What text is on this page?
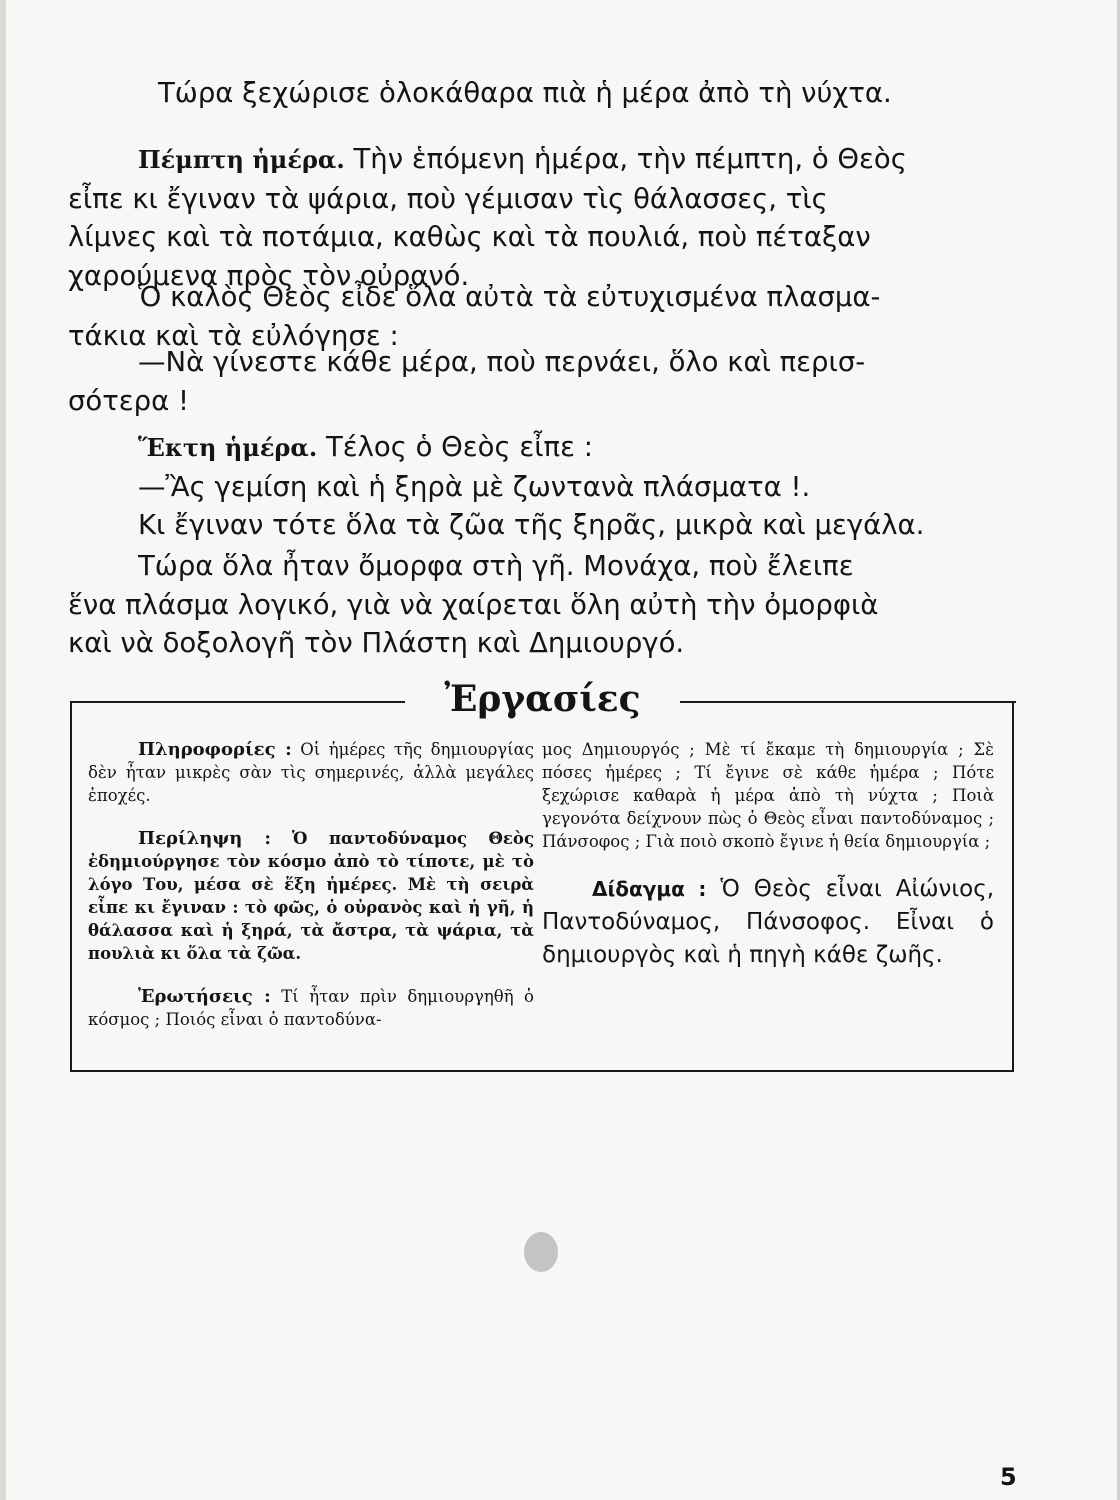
Τώρα ξεχώρισε ὁλοκάθαρα πιὰ ἡ μέρα ἀπὸ τὴ νύχτα.

Πέμπτη ἡμέρα. Τὴν ἑπόμενη ἡμέρα, τὴν πέμπτη, ὁ Θεὸς
εἶπε κι ἔγιναν τὰ ψάρια, ποὺ γέμισαν τὶς θάλασσες, τὶς
λίμνες καὶ τὰ ποτάμια, καθὼς καὶ τὰ πουλιά, ποὺ πέταξαν
χαρούμενα πρὸς τὸν οὐρανό.

Ὁ καλὸς Θεὸς εἶδε ὅλα αὐτὰ τὰ εὐτυχισμένα πλασμα-
τάκια καὶ τὰ εὐλόγησε :

—Νὰ γίνεστε κάθε μέρα, ποὺ περνάει, ὅλο καὶ περισ-
σότερα !

Ἕκτη ἡμέρα. Τέλος ὁ Θεὸς εἶπε :
—Ἂς γεμίση καὶ ἡ ξηρὰ μὲ ζωντανὰ πλάσματα !.
Κι ἔγιναν τότε ὅλα τὰ ζῶα τῆς ξηρᾶς, μικρὰ καὶ μεγάλα.

Τώρα ὅλα ἦταν ὄμορφα στὴ γῆ. Μονάχα, ποὺ ἔλειπε
ἕνα πλάσμα λογικό, γιὰ νὰ χαίρεται ὅλη αὐτὴ τὴν ὀμορφιὰ
καὶ νὰ δοξολογῆ τὸν Πλάστη καὶ Δημιουργό.

Ἐργασίες

Πληροφορίες : Οἱ ἡμέρες τῆς δημιουργίας δὲν ἦταν μικρὲς σὰν τὶς σημερινές, ἀλλὰ μεγάλες ἐποχές.

Περίληψη : Ὁ παντοδύναμος Θεὸς ἐδημιούργησε τὸν κόσμο ἀπὸ τὸ τίποτε, μὲ τὸ λόγο Του, μέσα σὲ ἕξη ἡμέρες. Μὲ τὴ σειρὰ εἶπε κι ἔγιναν : τὸ φῶς, ὁ οὐρανὸς καὶ ἡ γῆ, ἡ θάλασσα καὶ ἡ ξηρά, τὰ ἄστρα, τὰ ψάρια, τὰ πουλιὰ κι ὅλα τὰ ζῶα.

Ἐρωτήσεις : Τί ἦταν πρὶν δημιουργηθῆ ὁ κόσμος ; Ποιός εἶναι ὁ παντοδύνα-

μος Δημιουργός ; Μὲ τί ἔκαμε τὴ δημιουργία ; Σὲ πόσες ἡμέρες ; Τί ἔγινε σὲ κάθε ἡμέρα ; Πότε ξεχώρισε καθαρὰ ἡ μέρα ἀπὸ τὴ νύχτα ; Ποιὰ γεγονότα δείχνουν πὼς ὁ Θεὸς εἶναι παντοδύναμος ; Πάνσοφος ; Γιὰ ποιὸ σκοπὸ ἔγινε ἡ θεία δημιουργία ;

Δίδαγμα : Ὁ Θεὸς εἶναι Αἰώνιος, Παντοδύναμος, Πάνσοφος. Εἶναι ὁ δημιουργὸς καὶ ἡ πηγὴ κάθε ζωῆς.

5
